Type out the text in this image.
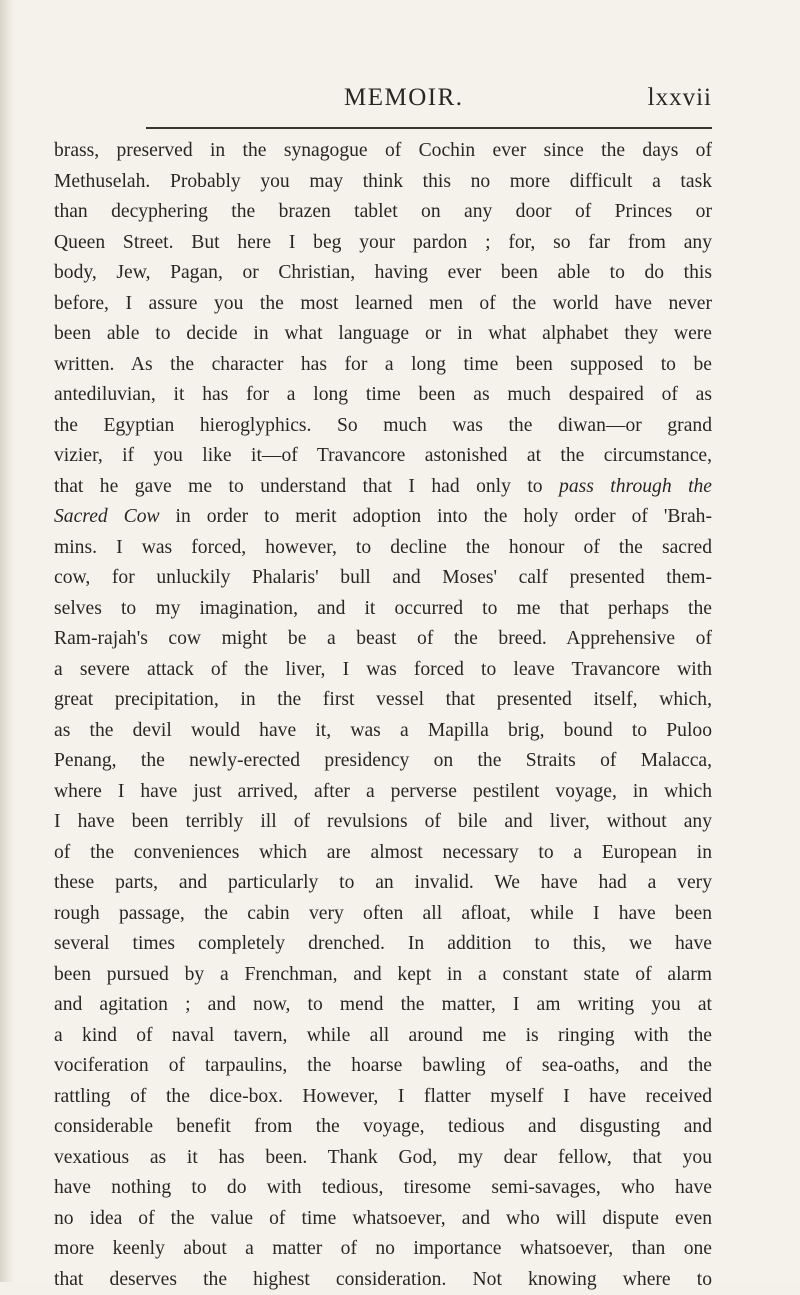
MEMOIR.	lxxvii
brass, preserved in the synagogue of Cochin ever since the days of
Methuselah. Probably you may think this no more difficult a task
than decyphering the brazen tablet on any door of Princes or
Queen Street. But here I beg your pardon ; for, so far from any
body, Jew, Pagan, or Christian, having ever been able to do this
before, I assure you the most learned men of the world have never
been able to decide in what language or in what alphabet they were
written. As the character has for a long time been supposed to be
antediluvian, it has for a long time been as much despaired of as
the Egyptian hieroglyphics. So much was the diwan—or grand
vizier, if you like it—of Travancore astonished at the circumstance,
that he gave me to understand that I had only to pass through the
Sacred Cow in order to merit adoption into the holy order of 'Brah-
mins. I was forced, however, to decline the honour of the sacred
cow, for unluckily Phalaris' bull and Moses' calf presented them-
selves to my imagination, and it occurred to me that perhaps the
Ram-rajah's cow might be a beast of the breed. Apprehensive of
a severe attack of the liver, I was forced to leave Travancore with
great precipitation, in the first vessel that presented itself, which,
as the devil would have it, was a Mapilla brig, bound to Puloo
Penang, the newly-erected presidency on the Straits of Malacca,
where I have just arrived, after a perverse pestilent voyage, in which
I have been terribly ill of revulsions of bile and liver, without any
of the conveniences which are almost necessary to a European in
these parts, and particularly to an invalid. We have had a very
rough passage, the cabin very often all afloat, while I have been
several times completely drenched. In addition to this, we have
been pursued by a Frenchman, and kept in a constant state of alarm
and agitation ; and now, to mend the matter, I am writing you at
a kind of naval tavern, while all around me is ringing with the
vociferation of tarpaulins, the hoarse bawling of sea-oaths, and the
rattling of the dice-box. However, I flatter myself I have received
considerable benefit from the voyage, tedious and disgusting and
vexatious as it has been. Thank God, my dear fellow, that you
have nothing to do with tedious, tiresome semi-savages, who have
no idea of the value of time whatsoever, and who will dispute even
more keenly about a matter of no importance whatsoever, than one
that deserves the highest consideration. Not knowing where to
